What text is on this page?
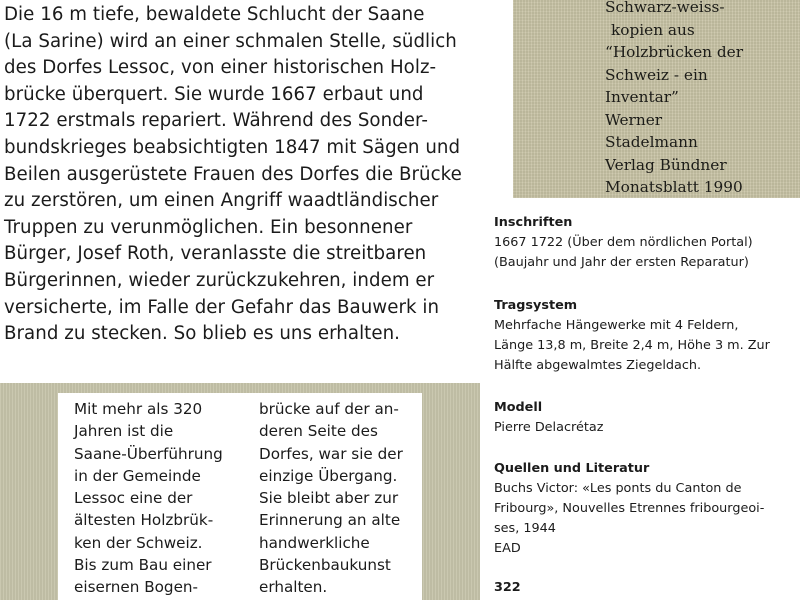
Die 16 m tiefe, bewaldete Schlucht der Saane
(La Sarine) wird an einer schmalen Stelle, südlich
des Dorfes Lessoc, von einer historischen Holz-
brücke überquert. Sie wurde 1667 erbaut und
1722 erstmals repariert. Während des Sonder-
bundskrieges beabsichtigten 1847 mit Sägen und
Beilen ausgerüstete Frauen des Dorfes die Brücke
zu zerstören, um einen Angriff waadtländischer
Truppen zu verunmöglichen. Ein besonnener
Bürger, Josef Roth, veranlasste die streitbaren
Bürgerinnen, wieder zurückzukehren, indem er
versicherte, im Falle der Gefahr das Bauwerk in
Brand zu stecken. So blieb es uns erhalten.
Schwarz-weiss-
kopien aus
“Holzbrücken der
Schweiz - ein
Inventar”
Werner
Stadelmann
Verlag Bündner
Monatsblatt 1990
Mit mehr als 320
Jahren ist die
Saane-Überführung
in der Gemeinde
Lessoc eine der
ältesten Holzbrük-
ken der Schweiz.
Bis zum Bau einer
eisernen Bogen-
brücke auf der an-
deren Seite des
Dorfes, war sie der
einzige Übergang.
Sie bleibt aber zur
Erinnerung an alte
handwerkliche
Brückenbaukunst
erhalten.
Inschriften
1667 1722 (Über dem nördlichen Portal)
(Baujahr und Jahr der ersten Reparatur)
Tragsystem
Mehrfache Hängewerke mit 4 Feldern,
Länge 13,8 m, Breite 2,4 m, Höhe 3 m. Zur
Hälfte abgewalmtes Ziegeldach.
Modell
Pierre Delacrétaz
Quellen und Literatur
Buchs Victor: «Les ponts du Canton de
Fribourg», Nouvelles Etrennes fribourgeoi-
ses, 1944
EAD
322
